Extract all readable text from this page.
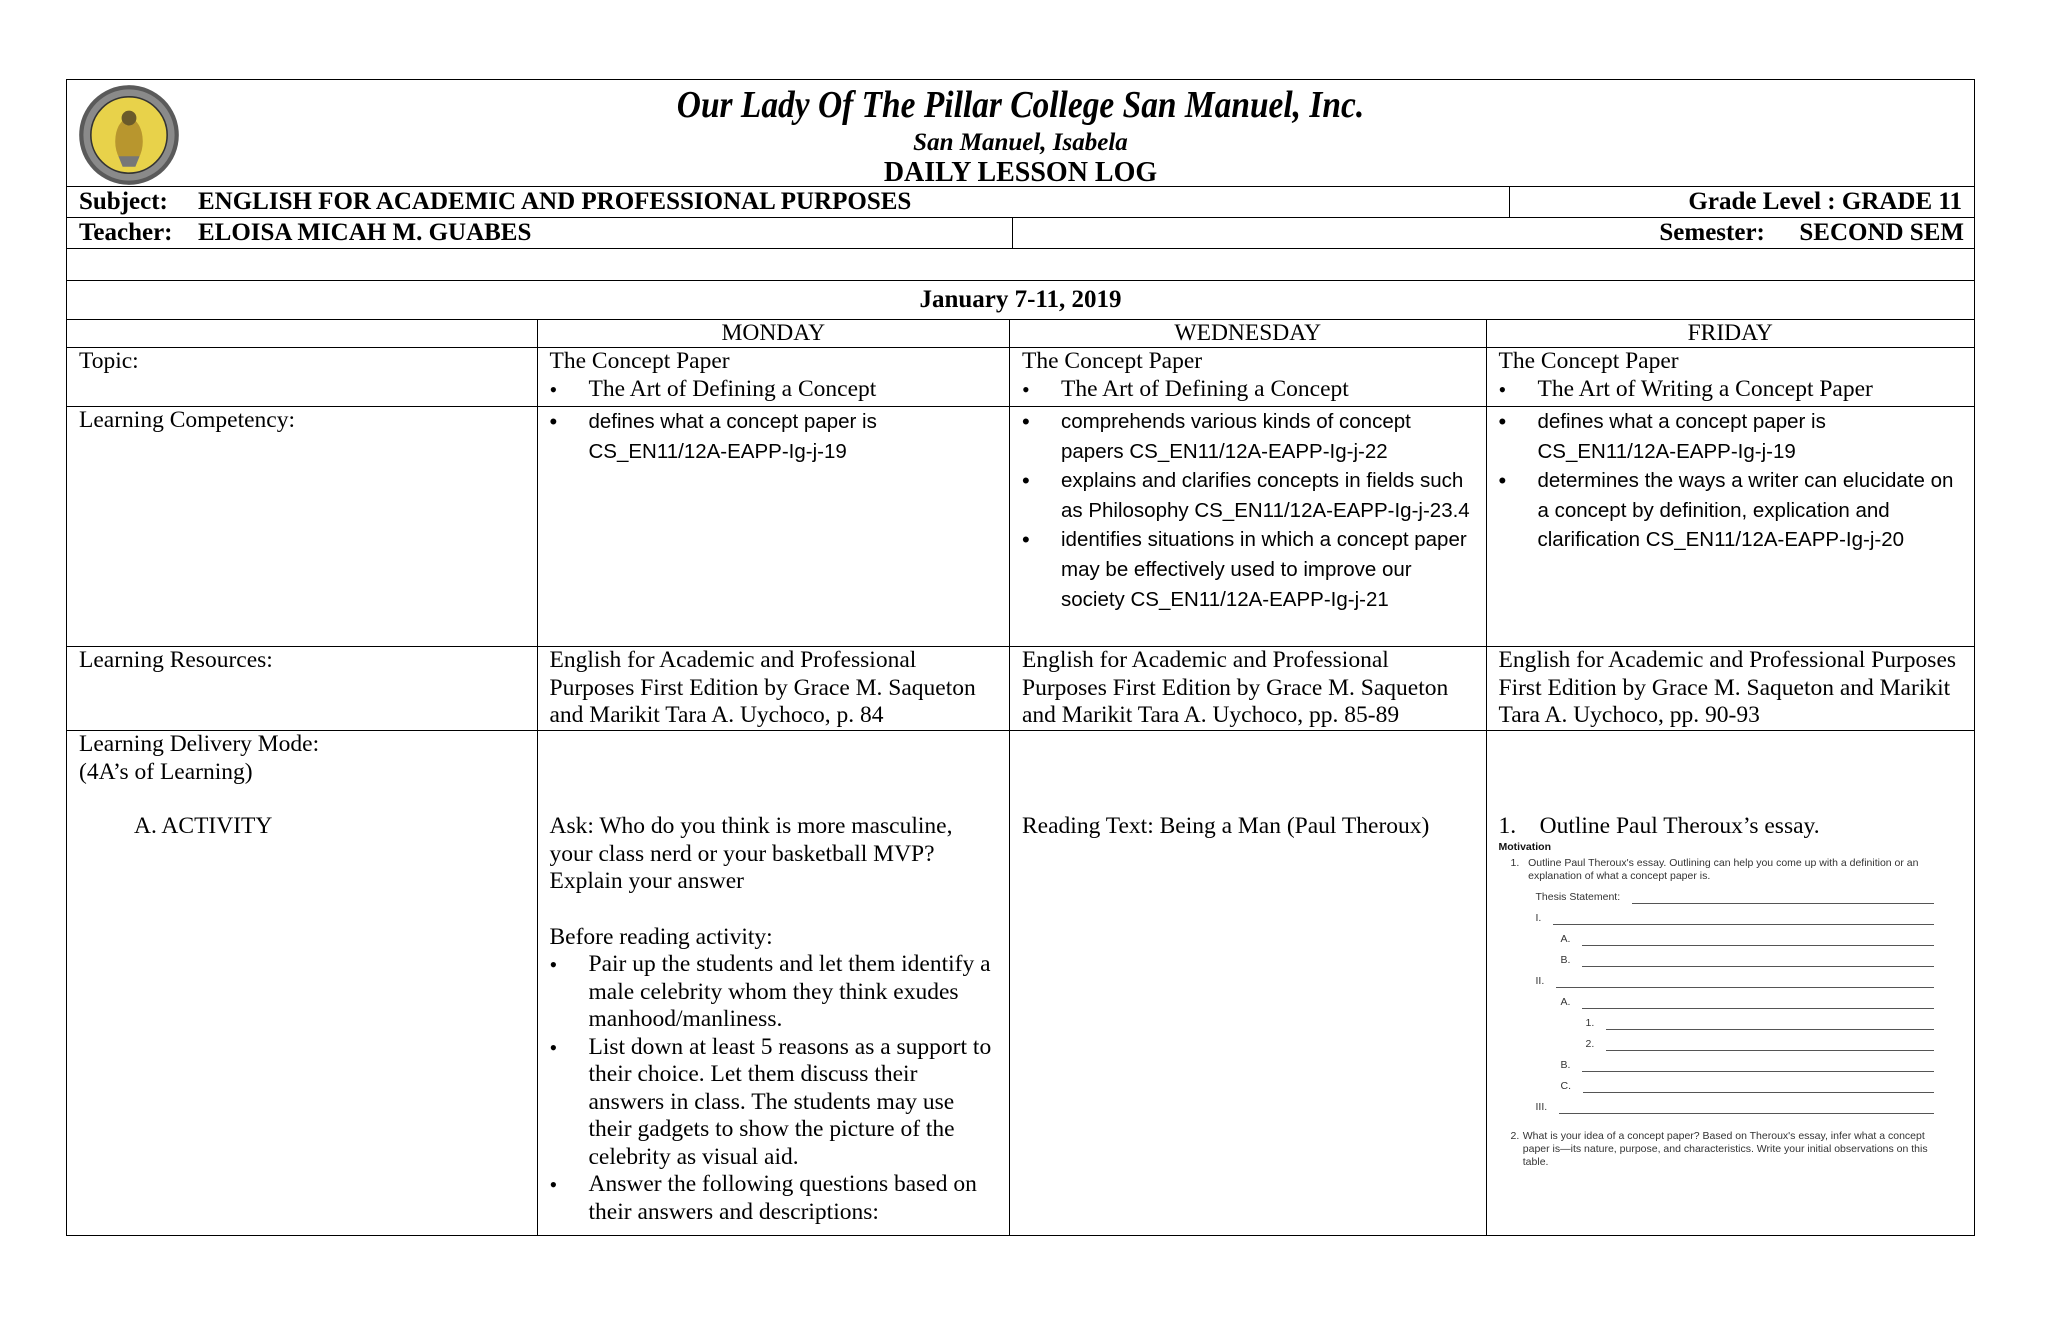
Our Lady Of The Pillar College San Manuel, Inc.
San Manuel, Isabela
DAILY LESSON LOG
Subject:	ENGLISH FOR ACADEMIC AND PROFESSIONAL PURPOSES	Grade Level : GRADE 11
Teacher:	ELOISA MICAH M. GUABES	Semester: SECOND SEM
January 7-11, 2019
MONDAY	WEDNESDAY	FRIDAY
Topic:	The Concept Paper
• The Art of Defining a Concept
The Concept Paper
• The Art of Defining a Concept
The Concept Paper
• The Art of Writing a Concept Paper
Learning Competency:
•	defines what a concept paper is CS_EN11/12A-EAPP-Ig-j-19
• comprehends various kinds of concept papers CS_EN11/12A-EAPP-Ig-j-22
• explains and clarifies concepts in fields such as Philosophy CS_EN11/12A-EAPP-Ig-j-23.4
• identifies situations in which a concept paper may be effectively used to improve our society CS_EN11/12A-EAPP-Ig-j-21
• defines what a concept paper is CS_EN11/12A-EAPP-Ig-j-19
• determines the ways a writer can elucidate on a concept by definition, explication and clarification CS_EN11/12A-EAPP-Ig-j-20
Learning Resources:	English for Academic and Professional Purposes First Edition by Grace M. Saqueton and Marikit Tara A. Uychoco, p. 84
English for Academic and Professional Purposes First Edition by Grace M. Saqueton and Marikit Tara A. Uychoco, pp. 85-89
English for Academic and Professional Purposes First Edition by Grace M. Saqueton and Marikit Tara A. Uychoco, pp. 90-93
Learning Delivery Mode:
(4A’s of Learning)
A. ACTIVITY	Ask: Who do you think is more masculine, your class nerd or your basketball MVP? Explain your answer
Before reading activity:
• Pair up the students and let them identify a male celebrity whom they think exudes manhood/manliness.
• List down at least 5 reasons as a support to their choice. Let them discuss their answers in class. The students may use their gadgets to show the picture of the celebrity as visual aid.
• Answer the following questions based on their answers and descriptions:
Reading Text: Being a Man (Paul Theroux)	1.    Outline Paul Theroux’s essay.
Motivation
1. Outline Paul Theroux's essay. Outlining can help you come up with a definition or an explanation of what a concept paper is.
Thesis Statement:
I.
A.
B.
II.
A.
1.
2.
B.
C.
III.
2. What is your idea of a concept paper? Based on Theroux's essay, infer what a concept paper is—its nature, purpose, and characteristics. Write your initial observations on this table.
